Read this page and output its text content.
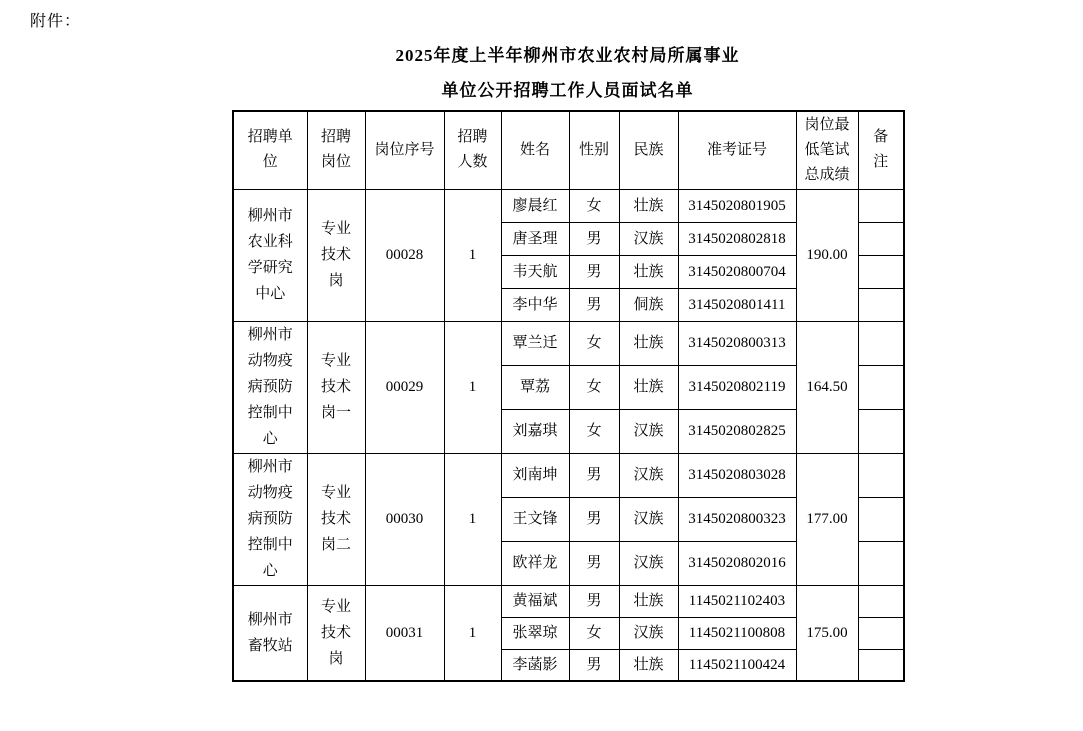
附件：
2025年度上半年柳州市农业农村局所属事业
单位公开招聘工作人员面试名单
招聘单位	招聘岗位	岗位序号	招聘人数	姓名	性别	民族	准考证号	岗位最低笔试总成绩	备注
柳州市农业科学研究中心	专业技术岗	00028	1	廖晨红	女	壮族	3145020801905	190.00	
				唐圣理	男	汉族	3145020802818		
				韦天航	男	壮族	3145020800704		
				李中华	男	侗族	3145020801411		
柳州市动物疫病预防控制中心	专业技术岗一	00029	1	覃兰迁	女	壮族	3145020800313	164.50	
				覃荔	女	壮族	3145020802119		
				刘嘉琪	女	汉族	3145020802825		
柳州市动物疫病预防控制中心	专业技术岗二	00030	1	刘南坤	男	汉族	3145020803028	177.00	
				王文锋	男	汉族	3145020800323		
				欧祥龙	男	汉族	3145020802016		
柳州市畜牧站	专业技术岗	00031	1	黄福斌	男	壮族	1145021102403	175.00	
				张翠琼	女	汉族	1145021100808		
				李菡影	男	壮族	1145021100424		
